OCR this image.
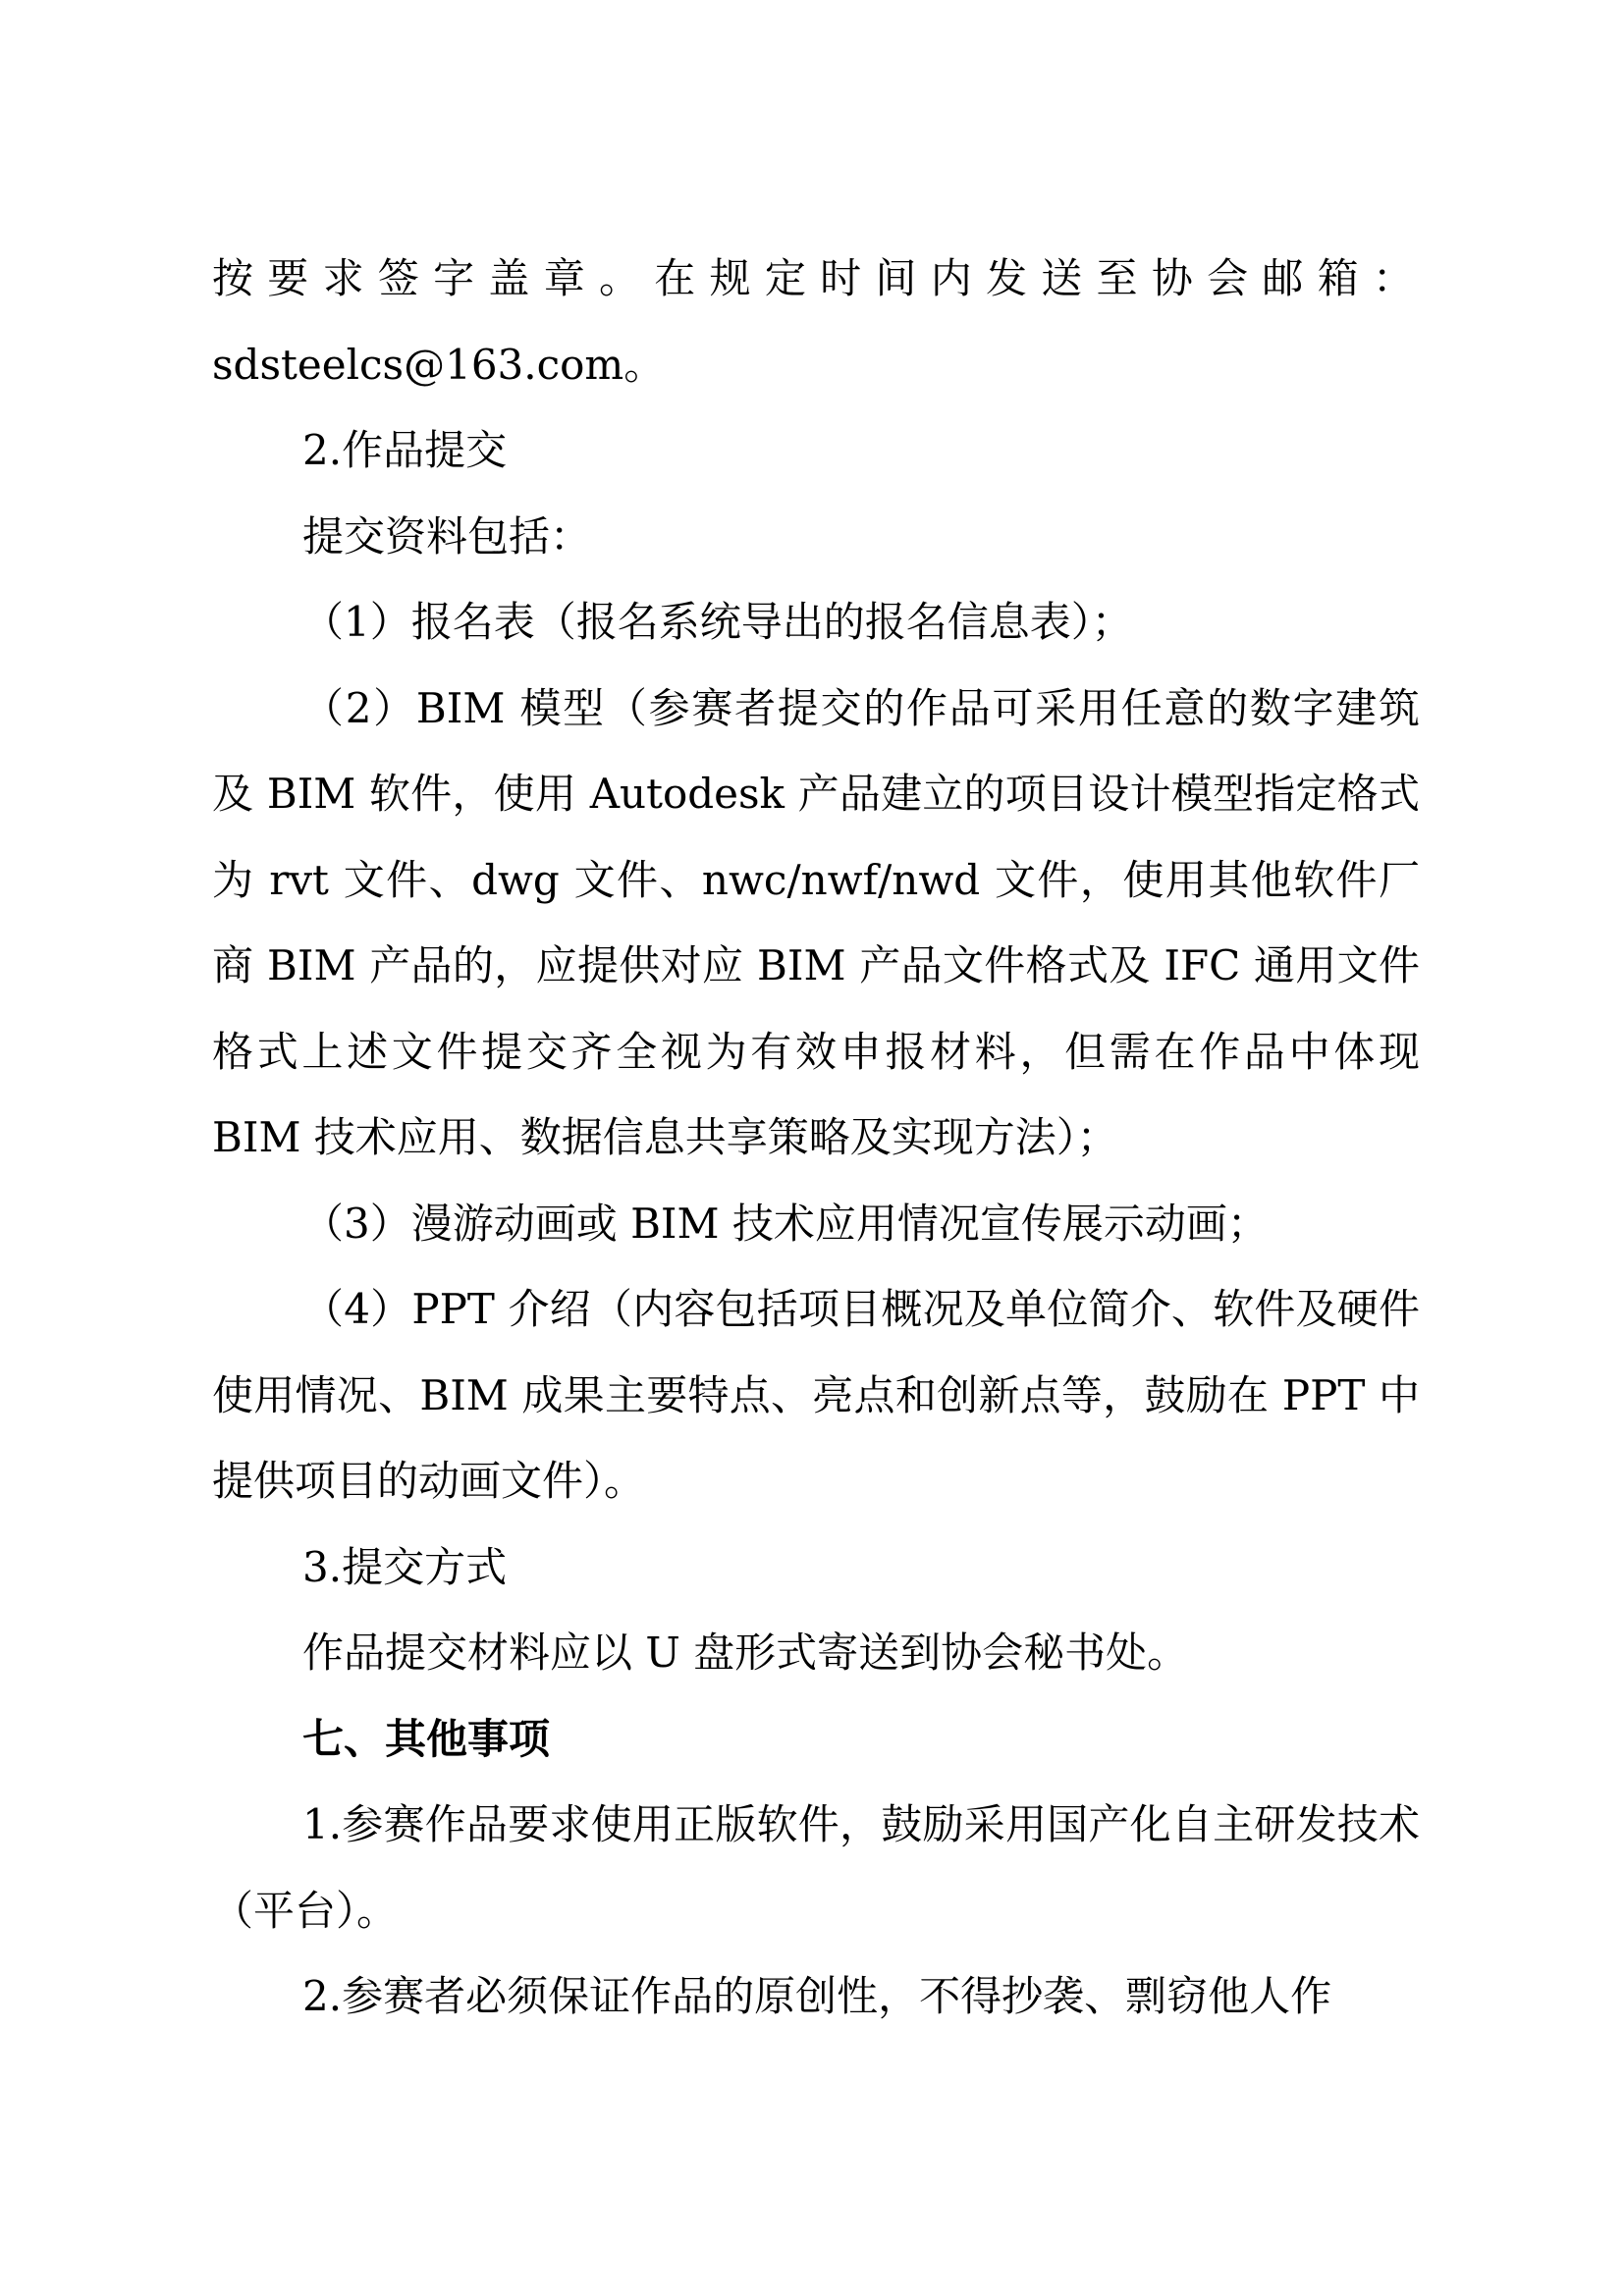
按要求签字盖章。在规定时间内发送至协会邮箱：

sdsteelcs@163.com。

2.作品提交

提交资料包括：

（1）报名表（报名系统导出的报名信息表）；

（2）BIM 模型（参赛者提交的作品可采用任意的数字建筑及 BIM 软件，使用 Autodesk 产品建立的项目设计模型指定格式为 rvt 文件、dwg 文件、nwc/nwf/nwd 文件，使用其他软件厂商 BIM 产品的，应提供对应 BIM 产品文件格式及 IFC 通用文件格式上述文件提交齐全视为有效申报材料，但需在作品中体现 BIM 技术应用、数据信息共享策略及实现方法）；

（3）漫游动画或 BIM 技术应用情况宣传展示动画；

（4）PPT 介绍（内容包括项目概况及单位简介、软件及硬件使用情况、BIM 成果主要特点、亮点和创新点等，鼓励在 PPT 中提供项目的动画文件）。

3.提交方式

作品提交材料应以 U 盘形式寄送到协会秘书处。

七、其他事项

1.参赛作品要求使用正版软件，鼓励采用国产化自主研发技术（平台）。

2.参赛者必须保证作品的原创性，不得抄袭、剽窃他人作
